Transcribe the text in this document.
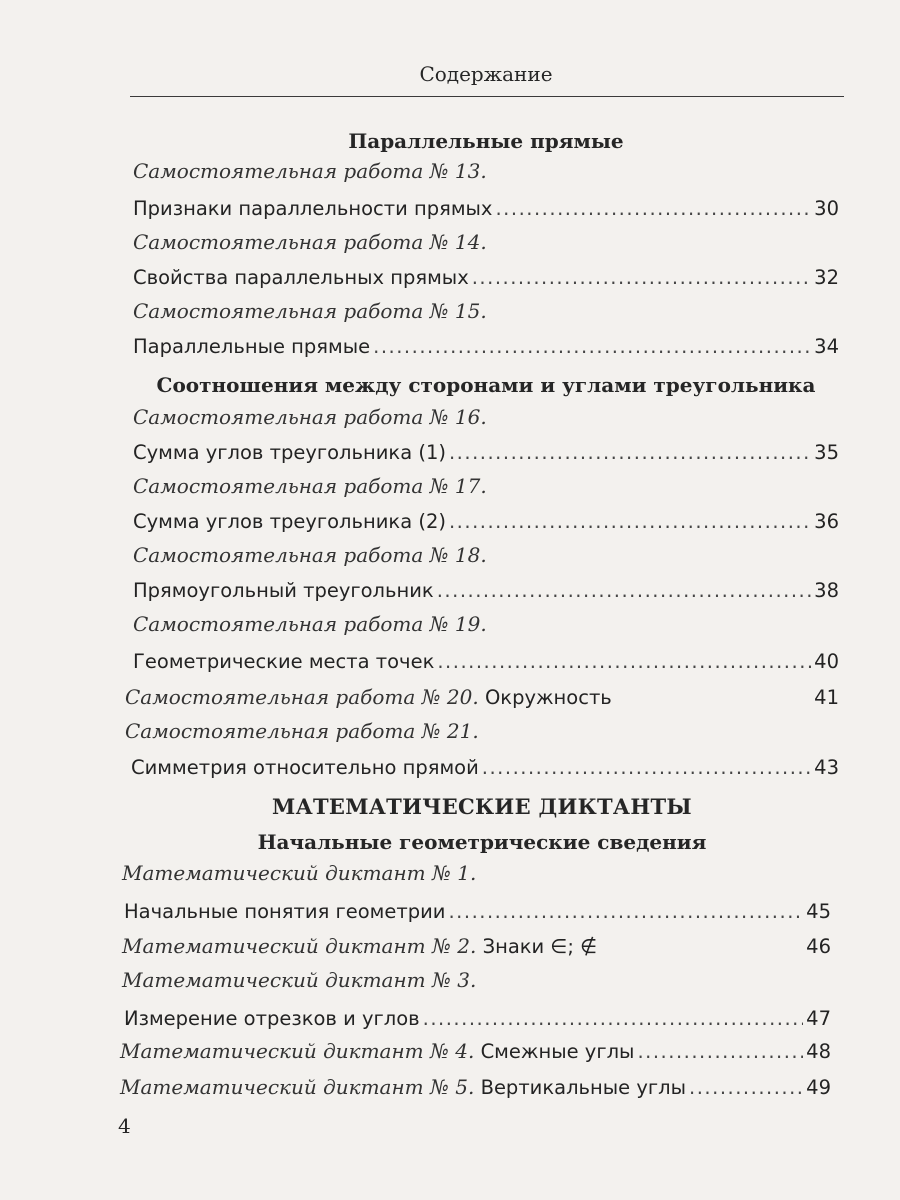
Содержание
Параллельные прямые
Самостоятельная работа № 13.
Признаки параллельности прямых .....	30
Самостоятельная работа № 14.
Свойства параллельных прямых .....	32
Самостоятельная работа № 15.
Параллельные прямые .....	34
Соотношения между сторонами и углами треугольника
Самостоятельная работа № 16.
Сумма углов треугольника (1) .....	35
Самостоятельная работа № 17.
Сумма углов треугольника (2) .....	36
Самостоятельная работа № 18.
Прямоугольный треугольник .....	38
Самостоятельная работа № 19.
Геометрические места точек .....	40
Самостоятельная работа № 20. Окружность	41
Самостоятельная работа № 21.
Симметрия относительно прямой .....	43
МАТЕМАТИЧЕСКИЕ ДИКТАНТЫ
Начальные геометрические сведения
Математический диктант № 1.
Начальные понятия геометрии .....	45
Математический диктант № 2. Знаки ∈; ∉	46
Математический диктант № 3.
Измерение отрезков и углов .....	47
Математический диктант № 4. Смежные углы .....	48
Математический диктант № 5. Вертикальные углы .....	49
4
